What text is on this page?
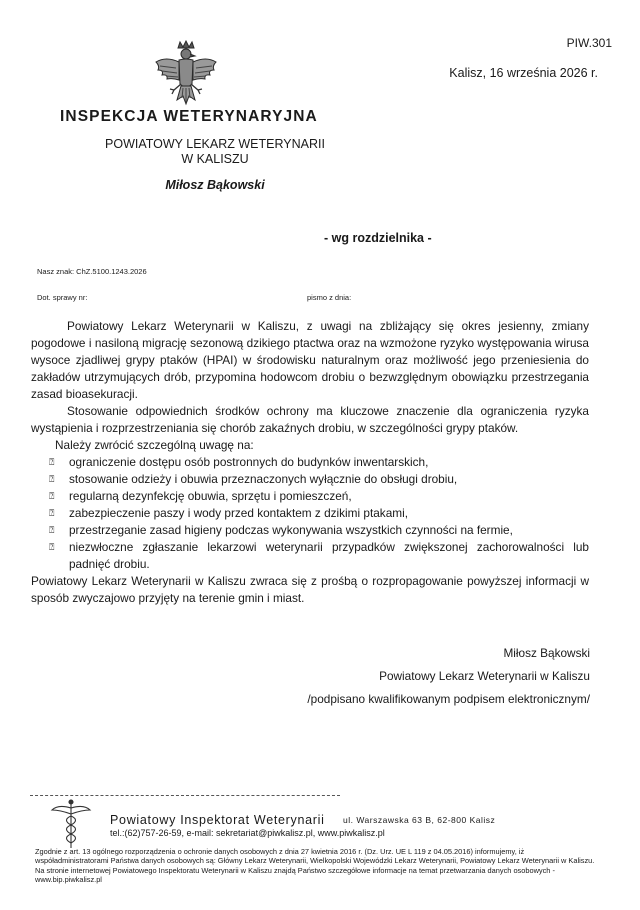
PIW.301
Kalisz, 16 września 2026 r.
INSPEKCJA WETERYNARYJNA
POWIATOWY LEKARZ WETERYNARII
W KALISZU
Miłosz Bąkowski
- wg rozdzielnika -
Nasz znak: ChZ.5100.1243.2026
Dot. sprawy nr:	pismo z dnia:

Powiatowy Lekarz Weterynarii w Kaliszu, z uwagi na zbliżający się okres jesienny, zmiany pogodowe i nasiloną migrację sezonową dzikiego ptactwa oraz na wzmożone ryzyko występowania wirusa wysoce zjadliwej grypy ptaków (HPAI) w środowisku naturalnym oraz możliwość jego przeniesienia do zakładów utrzymujących drób, przypomina hodowcom drobiu o bezwzględnym obowiązku przestrzegania zasad bioasekuracji.

Stosowanie odpowiednich środków ochrony ma kluczowe znaczenie dla ograniczenia ryzyka wystąpienia i rozprzestrzeniania się chorób zakaźnych drobiu, w szczególności grypy ptaków.

Należy zwrócić szczególną uwagę na:

⍰ ograniczenie dostępu osób postronnych do budynków inwentarskich,
⍰ stosowanie odzieży i obuwia przeznaczonych wyłącznie do obsługi drobiu,
⍰ regularną dezynfekcję obuwia, sprzętu i pomieszczeń,
⍰ zabezpieczenie paszy i wody przed kontaktem z dzikimi ptakami,
⍰ przestrzeganie zasad higieny podczas wykonywania wszystkich czynności na fermie,
⍰ niezwłoczne zgłaszanie lekarzowi weterynarii przypadków zwiększonej zachorowalności lub padnięć drobiu.

Powiatowy Lekarz Weterynarii w Kaliszu zwraca się z prośbą o rozpropagowanie powyższej informacji w sposób zwyczajowo przyjęty na terenie gmin i miast.

Miłosz Bąkowski
Powiatowy Lekarz Weterynarii w Kaliszu
/podpisano kwalifikowanym podpisem elektronicznym/
Powiatowy Inspektorat Weterynarii ul. Warszawska 63 B, 62-800 Kalisz
tel.:(62)757-26-59, e-mail: sekretariat@piwkalisz.pl, www.piwkalisz.pl
Zgodnie z art. 13 ogólnego rozporządzenia o ochronie danych osobowych z dnia 27 kwietnia 2016 r. (Dz. Urz. UE L 119 z 04.05.2016) informujemy, iż współadministratorami Państwa danych osobowych są: Główny Lekarz Weterynarii, Wielkopolski Wojewódzki Lekarz Weterynarii, Powiatowy Lekarz Weterynarii w Kaliszu. Na stronie internetowej Powiatowego Inspektoratu Weterynarii w Kaliszu znajdą Państwo szczegółowe informacje na temat przetwarzania danych osobowych - www.bip.piwkalisz.pl
